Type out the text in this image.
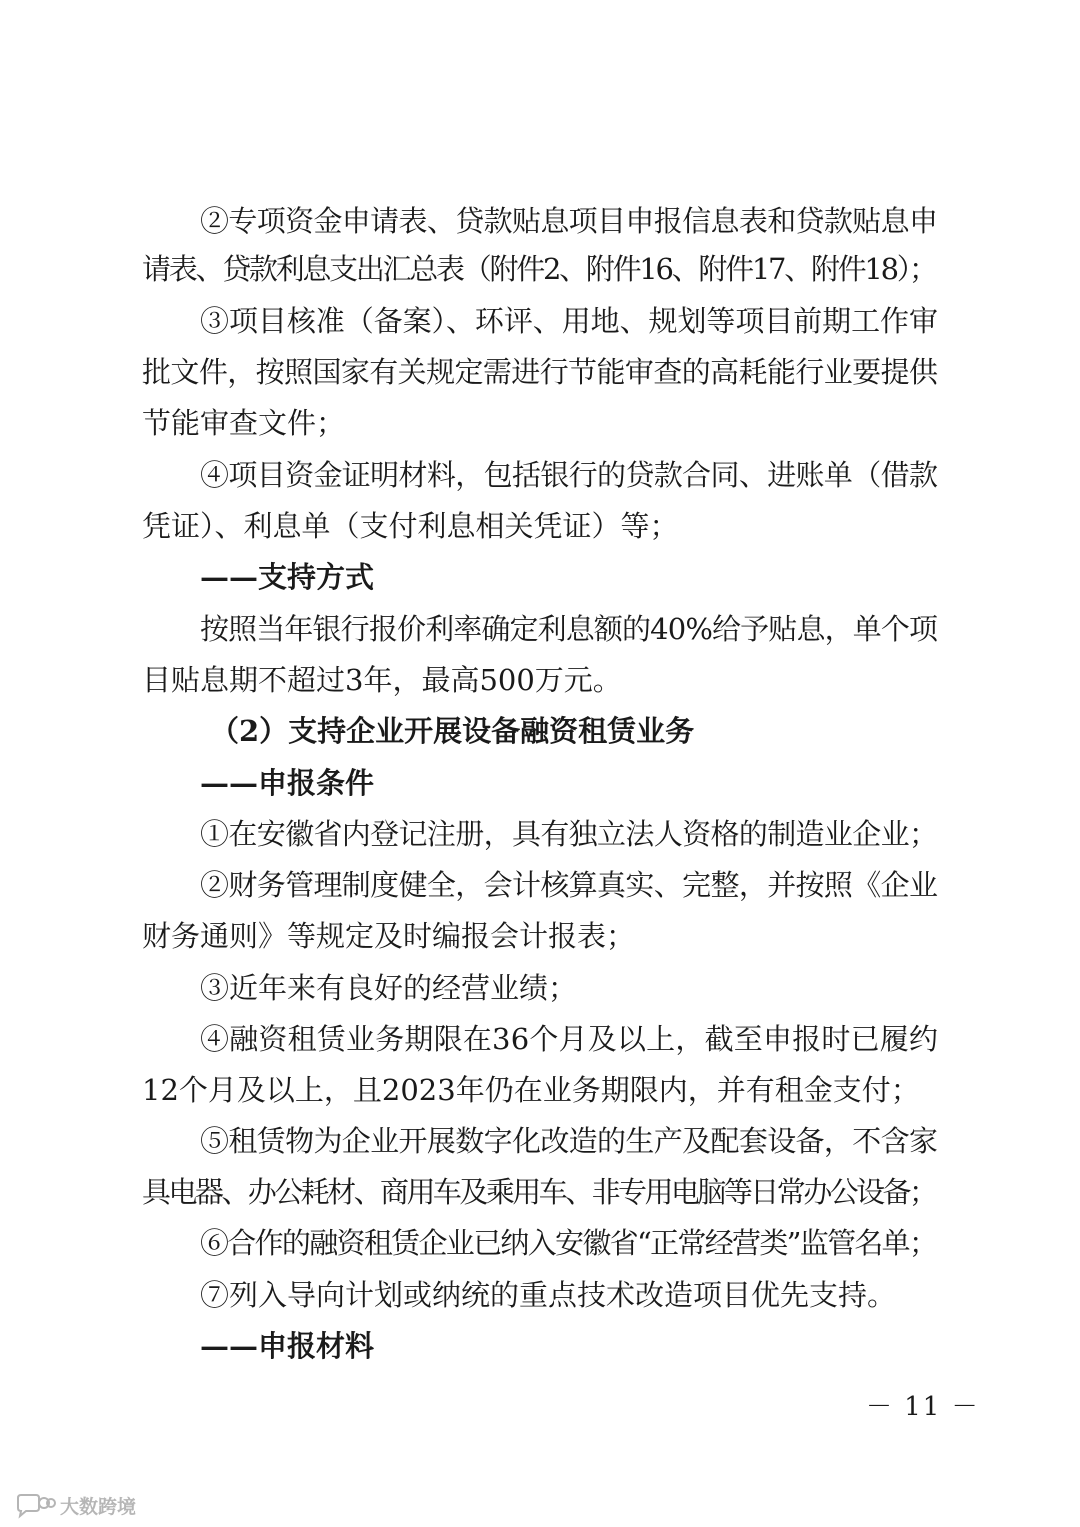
②专项资金申请表、贷款贴息项目申报信息表和贷款贴息申
请表、贷款利息支出汇总表（附件2、附件16、附件17、附件18）；
③项目核准（备案）、环评、用地、规划等项目前期工作审
批文件，按照国家有关规定需进行节能审查的高耗能行业要提供
节能审查文件；
④项目资金证明材料，包括银行的贷款合同、进账单（借款
凭证）、利息单（支付利息相关凭证）等；
——支持方式
按照当年银行报价利率确定利息额的40%给予贴息，单个项
目贴息期不超过3年，最高500万元。
（2）支持企业开展设备融资租赁业务
——申报条件
①在安徽省内登记注册，具有独立法人资格的制造业企业；
②财务管理制度健全，会计核算真实、完整，并按照《企业
财务通则》等规定及时编报会计报表；
③近年来有良好的经营业绩；
④融资租赁业务期限在36个月及以上，截至申报时已履约
12个月及以上，且2023年仍在业务期限内，并有租金支付；
⑤租赁物为企业开展数字化改造的生产及配套设备，不含家
具电器、办公耗材、商用车及乘用车、非专用电脑等日常办公设备；
⑥合作的融资租赁企业已纳入安徽省“正常经营类”监管名单；
⑦列入导向计划或纳统的重点技术改造项目优先支持。
——申报材料
－ 11 －
大数跨境
